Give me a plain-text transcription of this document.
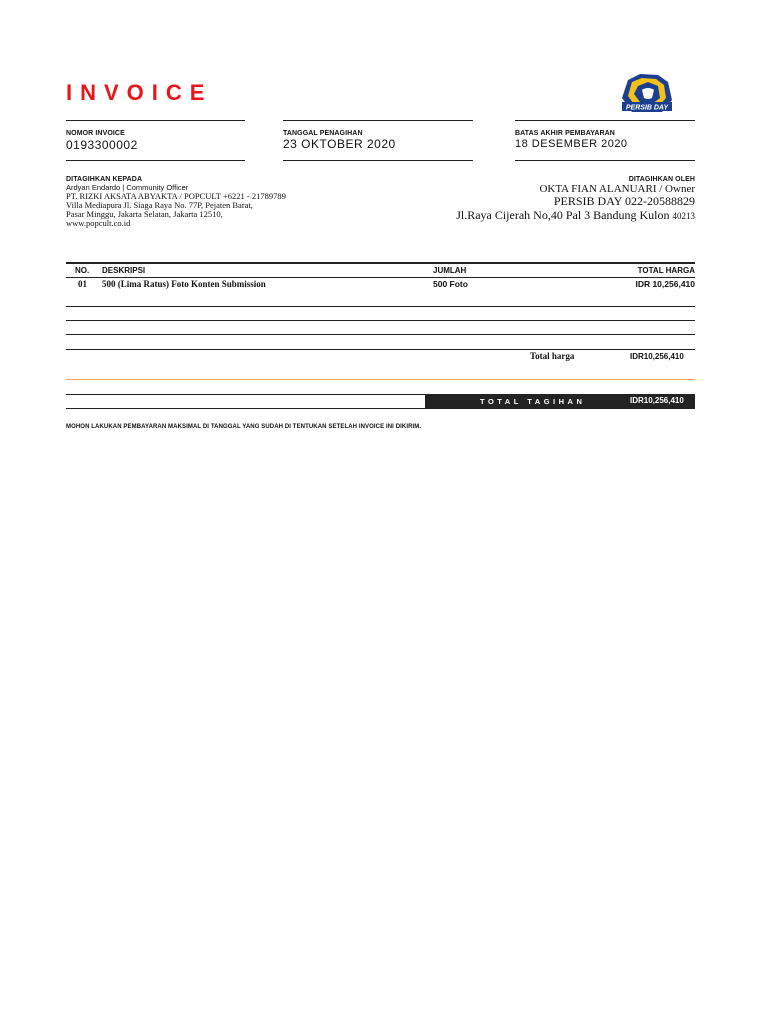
INVOICE
PERSIB DAY
NOMOR INVOICE
0193300002
TANGGAL PENAGIHAN
23 OKTOBER 2020
BATAS AKHIR PEMBAYARAN
18 DESEMBER 2020
DITAGIHKAN KEPADA
Ardyan Endardo | Community Officer
PT. RIZKI AKSATA ABYAKTA / POPCULT +6221 - 21789789
Villa Mediapura Jl. Siaga Raya No. 77P, Pejaten Barat,
Pasar Minggu, Jakarta Selatan, Jakarta 12510,
www.popcult.co.id
DITAGIHKAN OLEH
OKTA FIAN ALANUARI / Owner
PERSIB DAY 022-20588829
Jl.Raya Cijerah No,40 Pal 3 Bandung Kulon 40213
NO. DESKRIPSI	JUMLAH	TOTAL HARGA
01 500 (Lima Ratus) Foto Konten Submission	500 Foto	IDR 10,256,410
Total harga	IDR10,256,410
TOTAL TAGIHAN	IDR10,256,410
MOHON LAKUKAN PEMBAYARAN MAKSIMAL DI TANGGAL YANG SUDAH DI TENTUKAN SETELAH INVOICE INI DIKIRIM.
